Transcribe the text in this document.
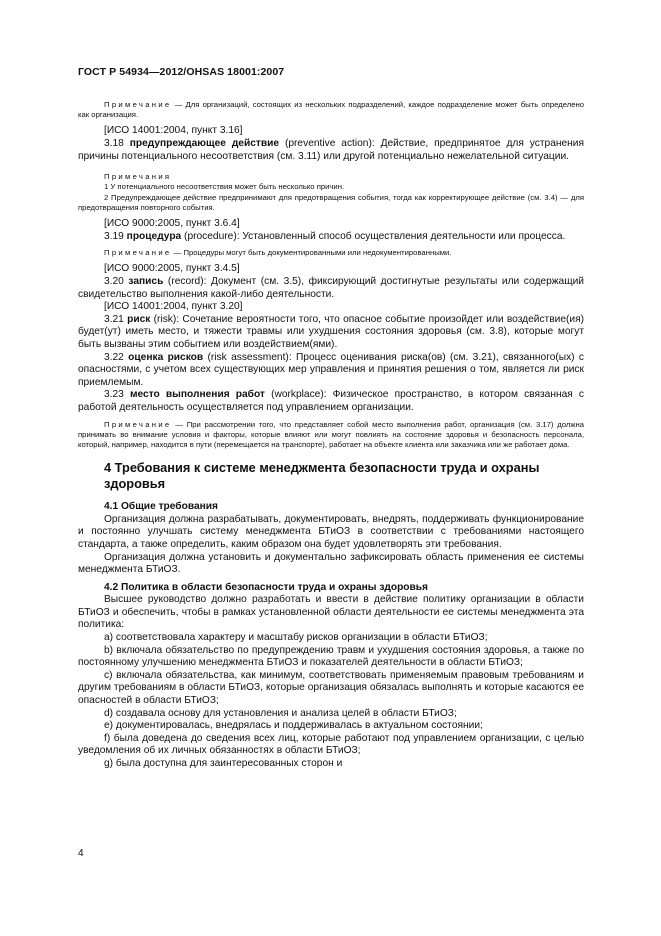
ГОСТ Р 54934—2012/OHSAS 18001:2007

Примечание — Для организаций, состоящих из нескольких подразделений, каждое подразделение может быть определено как организация.

[ИСО 14001:2004, пункт 3.16]

3.18 предупреждающее действие (preventive action): Действие, предпринятое для устранения причины потенциального несоответствия (см. 3.11) или другой потенциально нежелательной ситуации.

Примечания

1 У потенциального несоответствия может быть несколько причин.

2 Предупреждающее действие предпринимают для предотвращения события, тогда как корректирующее действие (см. 3.4) — для предотвращения повторного события.

[ИСО 9000:2005, пункт 3.6.4]

3.19 процедура (procedure): Установленный способ осуществления деятельности или процесса.

Примечание — Процедуры могут быть документированными или недокументированными.

[ИСО 9000:2005, пункт 3.4.5]

3.20 запись (record): Документ (см. 3.5), фиксирующий достигнутые результаты или содержащий свидетельство выполнения какой-либо деятельности.

[ИСО 14001:2004, пункт 3.20]

3.21 риск (risk): Сочетание вероятности того, что опасное событие произойдет или воздействие(ия) будет(ут) иметь место, и тяжести травмы или ухудшения состояния здоровья (см. 3.8), которые могут быть вызваны этим событием или воздействием(ями).

3.22 оценка рисков (risk assessment): Процесс оценивания риска(ов) (см. 3.21), связанного(ых) с опасностями, с учетом всех существующих мер управления и принятия решения о том, является ли риск приемлемым.

3.23 место выполнения работ (workplace): Физическое пространство, в котором связанная с работой деятельность осуществляется под управлением организации.

Примечание — При рассмотрении того, что представляет собой место выполнения работ, организация (см. 3.17) должна принимать во внимание условия и факторы, которые влияют или могут повлиять на состояние здоровья и безопасность персонала, который, например, находится в пути (перемещается на транспорте), работает на объекте клиента или заказчика или же работает дома.

4 Требования к системе менеджмента безопасности труда и охраны здоровья

4.1 Общие требования

Организация должна разрабатывать, документировать, внедрять, поддерживать функционирование и постоянно улучшать систему менеджмента БТиОЗ в соответствии с требованиями настоящего стандарта, а также определить, каким образом она будет удовлетворять эти требования.

Организация должна установить и документально зафиксировать область применения ее системы менеджмента БТиОЗ.

4.2 Политика в области безопасности труда и охраны здоровья

Высшее руководство должно разработать и ввести в действие политику организации в области БТиОЗ и обеспечить, чтобы в рамках установленной области деятельности ее системы менеджмента эта политика:

a) соответствовала характеру и масштабу рисков организации в области БТиОЗ;

b) включала обязательство по предупреждению травм и ухудшения состояния здоровья, а также по постоянному улучшению менеджмента БТиОЗ и показателей деятельности в области БТиОЗ;

c) включала обязательства, как минимум, соответствовать применяемым правовым требованиям и другим требованиям в области БТиОЗ, которые организация обязалась выполнять и которые касаются ее опасностей в области БТиОЗ;

d) создавала основу для установления и анализа целей в области БТиОЗ;

e) документировалась, внедрялась и поддерживалась в актуальном состоянии;

f) была доведена до сведения всех лиц, которые работают под управлением организации, с целью уведомления об их личных обязанностях в области БТиОЗ;

g) была доступна для заинтересованных сторон и

4
